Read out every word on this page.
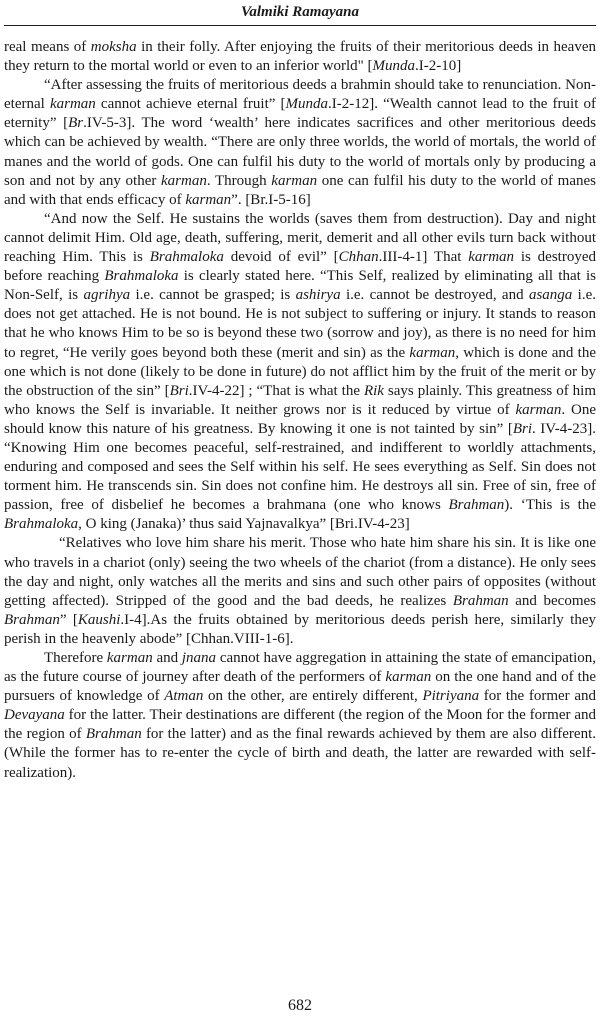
Valmiki Ramayana

real means of moksha in their folly. After enjoying the fruits of their meritorious deeds in heaven they return to the mortal world or even to an inferior world" [Munda.I-2-10]

“After assessing the fruits of meritorious deeds a brahmin should take to renunciation. Non-eternal karman cannot achieve eternal fruit” [Munda.I-2-12]. “Wealth cannot lead to the fruit of eternity” [Br.IV-5-3]. The word ‘wealth’ here indicates sacrifices and other meritorious deeds which can be achieved by wealth. “There are only three worlds, the world of mortals, the world of manes and the world of gods. One can fulfil his duty to the world of mortals only by producing a son and not by any other karman. Through karman one can fulfil his duty to the world of manes and with that ends efficacy of karman”. [Br.I-5-16]

“And now the Self. He sustains the worlds (saves them from destruction). Day and night cannot delimit Him. Old age, death, suffering, merit, demerit and all other evils turn back without reaching Him. This is Brahmaloka devoid of evil” [Chhan.III-4-1] That karman is destroyed before reaching Brahmaloka is clearly stated here. “This Self, realized by eliminating all that is Non-Self, is agrihya i.e. cannot be grasped; is ashirya i.e. cannot be destroyed, and asanga i.e. does not get attached. He is not bound. He is not subject to suffering or injury. It stands to reason that he who knows Him to be so is beyond these two (sorrow and joy), as there is no need for him to regret, “He verily goes beyond both these (merit and sin) as the karman, which is done and the one which is not done (likely to be done in future) do not afflict him by the fruit of the merit or by the obstruction of the sin” [Bri.IV-4-22] ; “That is what the Rik says plainly. This greatness of him who knows the Self is invariable. It neither grows nor is it reduced by virtue of karman. One should know this nature of his greatness. By knowing it one is not tainted by sin” [Bri. IV-4-23]. “Knowing Him one becomes peaceful, self-restrained, and indifferent to worldly attachments, enduring and composed and sees the Self within his self. He sees everything as Self. Sin does not torment him. He transcends sin. Sin does not confine him. He destroys all sin. Free of sin, free of passion, free of disbelief he becomes a brahmana (one who knows Brahman). ‘This is the Brahmaloka, O king (Janaka)’ thus said Yajnavalkya” [Bri.IV-4-23]

“Relatives who love him share his merit. Those who hate him share his sin. It is like one who travels in a chariot (only) seeing the two wheels of the chariot (from a distance). He only sees the day and night, only watches all the merits and sins and such other pairs of opposites (without getting affected). Stripped of the good and the bad deeds, he realizes Brahman and becomes Brahman” [Kaushi.I-4].As the fruits obtained by meritorious deeds perish here, similarly they perish in the heavenly abode” [Chhan.VIII-1-6].

Therefore karman and jnana cannot have aggregation in attaining the state of emancipation, as the future course of journey after death of the performers of karman on the one hand and of the pursuers of knowledge of Atman on the other, are entirely different, Pitriyana for the former and Devayana for the latter. Their destinations are different (the region of the Moon for the former and the region of Brahman for the latter) and as the final rewards achieved by them are also different. (While the former has to re-enter the cycle of birth and death, the latter are rewarded with self-realization).

682
